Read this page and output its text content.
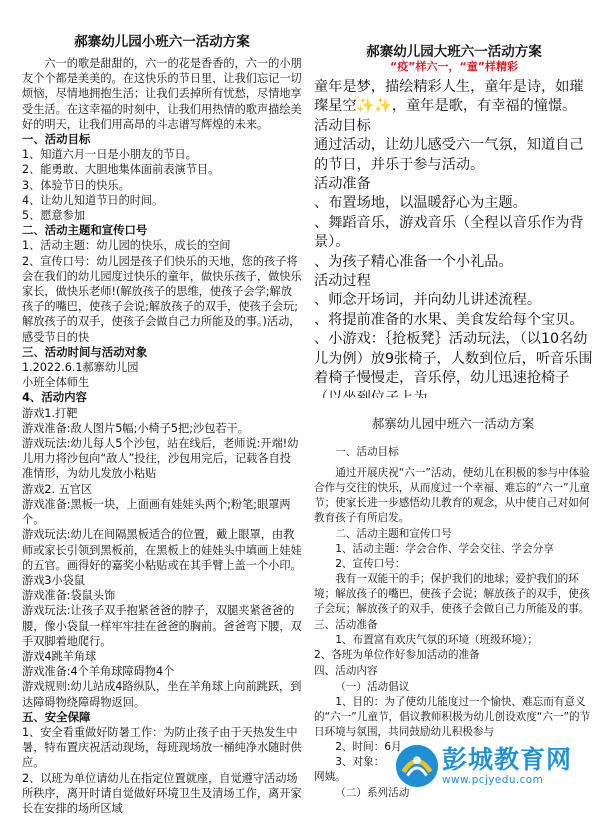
郝寨幼儿园小班六一活动方案
六一的歌是甜甜的，六一的花是香香的，六一的小朋友个个都是美美的。在这快乐的节日里，让我们忘记一切烦恼，尽情地拥抱生活；让我们丢掉所有忧愁，尽情地享受生活。在这幸福的时刻中，让我们用热情的歌声描绘美好的明天，让我们用高昂的斗志谱写辉煌的未来。
一、活动目标
1、知道六月一日是小朋友的节日。
2、能勇敢、大胆地集体面前表演节目。
3、体验节日的快乐。
4、让幼儿知道节日的时间。
5、愿意参加
二、活动主题和宣传口号
1、活动主题：幼儿园的快乐，成长的空间
2、宣传口号：幼儿园是孩子们快乐的天地，您的孩子将会在我们的幼儿园度过快乐的童年，做快乐孩子，做快乐家长，做快乐老师!(解放孩子的思维，使孩子会学;解放孩子的嘴巴，使孩子会说;解放孩子的双手，使孩子会玩;解放孩子的双手，使孩子会做自己力所能及的事。)活动，感受节日的快
三、活动时间与活动对象
1.2022.6.1郝寨幼儿园
小班全体师生
4、活动内容
游戏1.打靶
游戏准备:敌人图片5幅;小椅子5把;沙包若干。
游戏玩法:幼儿每人5个沙包，站在线后，老师说:开端!幼儿用力将沙包向“敌人”投往，沙包用完后，记载各自投准情形，为幼儿发放小粘贴
游戏2. 五官区
游戏准备:黑板一块，上面画有娃娃头两个;粉笔;眼罩两个。
游戏玩法:幼儿在间隔黑板适合的位置，戴上眼罩，由教师或家长引领到黑板前，在黑板上的娃娃头中填画上娃娃的五官。画得好的嘉奖小粘贴或在其手臂上盖一个小印。
游戏3小袋鼠
游戏准备:袋鼠头饰
游戏玩法:让孩子双手抱紧爸爸的脖子，双腿夹紧爸爸的腰，像小袋鼠一样牢牢挂在爸爸的胸前。爸爸弯下腰，双手双脚着地爬行。
游戏4跳羊角球
游戏准备:4个羊角球障碍物4个
游戏规则:幼儿站成4路纵队，坐在羊角球上向前跳跃，到达障碍物绕障碍物返回。
五、安全保障
1、安全看重做好防暑工作：为防止孩子由于天热发生中暑，特布置庆祝活动现场，每班现场放一桶纯净水随时供应。
2、以班为单位请幼儿在指定位置就座，自觉遵守活动场所秩序，离开时请自觉做好环境卫生及清场工作，离开家长在安排的场所区域
郝寨幼儿园大班六一活动方案
“疫”样六一，“童”样精彩
童年是梦，描绘精彩人生，童年是诗，如璀璨星空✨✨，童年是歌，有幸福的憧憬。
活动目标
通过活动，让幼儿感受六一气氛，知道自己的节日，并乐于参与活动。
活动准备
、布置场地，以温暖舒心为主题。
、舞蹈音乐，游戏音乐（全程以音乐作为背景）。
、为孩子精心准备一个小礼品。
活动过程
、师念开场词，并向幼儿讲述流程。
、将提前准备的水果、美食发给每个宝贝。
、小游戏：｛抢板凳｝活动玩法，（以10名幼儿为例）放9张椅子，人数到位后，听音乐围着椅子慢慢走，音乐停，幼儿迅速抢椅子
郝寨幼儿园中班六一活动方案
一、活动目标
通过开展庆祝“六一”活动，使幼儿在积极的参与中体验合作与交往的快乐，从而度过一个幸福、难忘的“六一”儿童节；使家长进一步感悟幼儿教育的观念，从中使自己对如何教育孩子有所启发。
二、活动主题和宣传口号
1、活动主题：学会合作、学会交往、学会分享
2、宣传口号：
我有一双能干的手；保护我们的地球；爱护我们的环境；解放孩子的嘴巴，使孩子会说；解放孩子的双手，使孩子会玩；解放孩子的双手，使孩子会做自己力所能及的事。
三、活动准备
1、布置富有欢庆气氛的环境（班级环境）；
2、各班为单位作好参加活动的准备
四、活动内容
（一）活动倡议
1、目的：为了使幼儿能度过一个愉快、难忘而有意义的“六一”儿童节，倡议教师积极为幼儿创设欢度“六一”的节日环境与氛围，共同鼓励幼儿积极参与
2、时间：6月
3、对象：
网姨。
（二）系列活动
彭城教育网
www.pcjyedu.com
